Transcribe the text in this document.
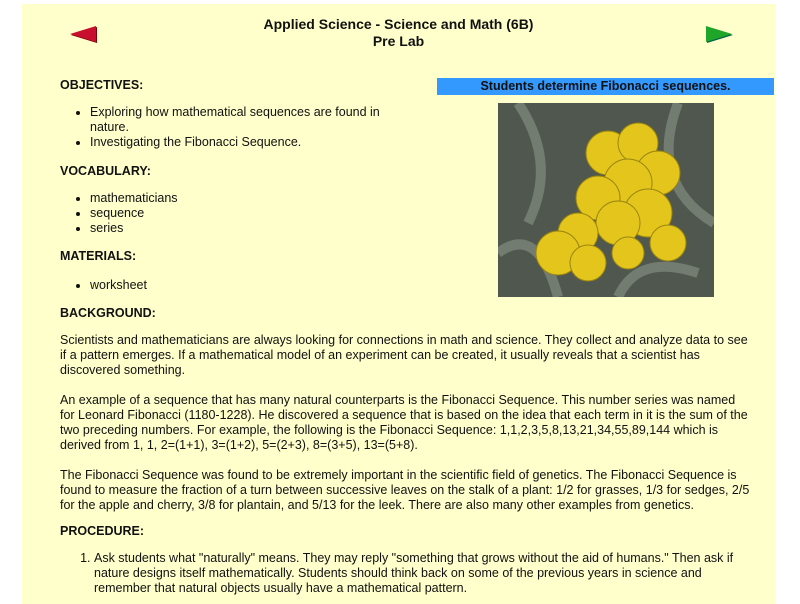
Applied Science - Science and Math (6B)
Pre Lab
Students determine Fibonacci sequences.
OBJECTIVES:
• Exploring how mathematical sequences are found in nature.
• Investigating the Fibonacci Sequence.
VOCABULARY:
• mathematicians
• sequence
• series
MATERIALS:
• worksheet
BACKGROUND:

Scientists and mathematicians are always looking for connections in math and science. They collect and analyze data to see if a pattern emerges. If a mathematical model of an experiment can be created, it usually reveals that a scientist has discovered something.

An example of a sequence that has many natural counterparts is the Fibonacci Sequence. This number series was named for Leonard Fibonacci (1180-1228). He discovered a sequence that is based on the idea that each term in it is the sum of the two preceding numbers. For example, the following is the Fibonacci Sequence: 1,1,2,3,5,8,13,21,34,55,89,144 which is derived from 1, 1, 2=(1+1), 3=(1+2), 5=(2+3), 8=(3+5), 13=(5+8).

The Fibonacci Sequence was found to be extremely important in the scientific field of genetics. The Fibonacci Sequence is found to measure the fraction of a turn between successive leaves on the stalk of a plant: 1/2 for grasses, 1/3 for sedges, 2/5 for the apple and cherry, 3/8 for plantain, and 5/13 for the leek. There are also many other examples from genetics.

PROCEDURE:
1. Ask students what "naturally" means. They may reply "something that grows without the aid of humans." Then ask if nature designs itself mathematically. Students should think back on some of the previous years in science and remember that natural objects usually have a mathematical pattern.
